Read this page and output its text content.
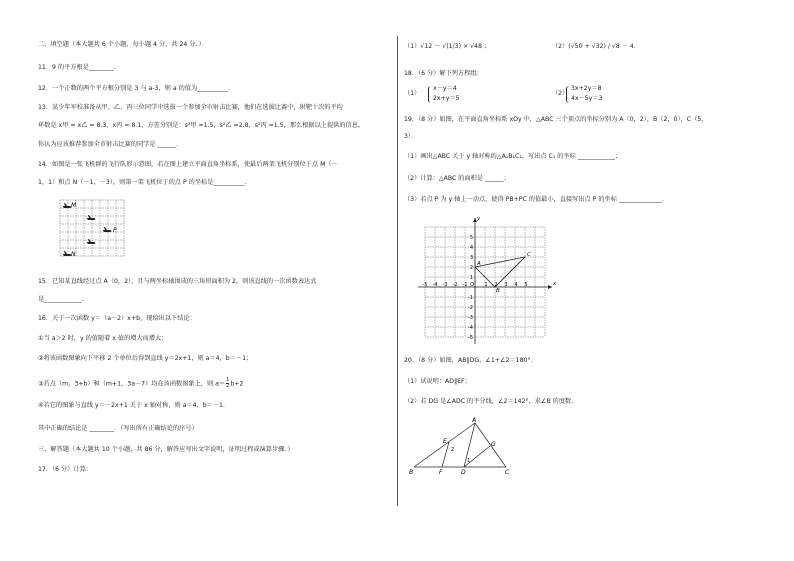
二、填空题（本大题共 6 个小题，每小题 4 分，共 24 分．）
11．9 的平方根是________．
12．一个正数的两个平方根分别是 3 与 a-3，则 a 的值为__________．
13．某少年军校准备从甲、乙、丙三位同学中选拔一个参加全市射击比赛，他们在选拔比赛中，射靶十次的平均
环数是 x甲 = x乙 = 8.3，x丙 = 8.1，方差分别是：s²甲 =1.5，s²乙 =2.8，s²丙 =1.5，那么根据以上提供的信息，
你认为应该推荐参加全市射击比赛的同学是 ______．
14．如图是一张飞机群的飞行队形示意图，若在图上建立平面直角坐标系，使最后两架飞机分别位于点 M（－
1，1）和点 N（－1，－3），则第一架飞机位于的点 P 的坐标是__________．
M
P
N
15．已知某直线经过点 A（0，2），且与两坐标轴围成的三角形面积为 2，则该直线的一次函数表达式
是____________．
16．关于一次函数 y＝（a－2）x+b，现给出以下结论：
①当 a＞2 时，y 的值随着 x 值的增大而增大；
②将该函数图象向下平移 2 个单位后得到直线 y＝2x+1，则 a＝4，b＝－1；
③若点（m，3+b）和（m+1，3a－7）均在该函数图象上，则 $a= \frac{1}{2} b+2$
④若它的图象与直线 y＝－2x+1 关于 x 轴对称，则 a＝4，b＝－1．
其中正确的结论是 ________．（写出所有正确结论的序号）
三、解答题（本大题共 10 个小题，共 86 分，解答应写出文字说明，证明过程或演算步骤．）
17．（6 分）计算：
（1）√12 － √(1/3) × √48 ；	（2）(√50 + √32) / √8 － 4．
18．（6 分）解下列方程组：
（1）
x－y＝4
2x+y＝5
（2）
3x+2y＝8
4x－5y＝3
19．（8 分）如图，在平面直角坐标系 xOy 中，△ABC 三个顶点的坐标分别为 A（0，2），B（2，0），C（5，
3）．
（1）画出△ABC 关于 y 轴对称的△A₁B₁C₁，写出点 C₁ 的坐标 ____________；
（2）计算：△ABC 的面积是 ______；
（3）若点 P 为 y 轴上一动点，使得 PB+PC 的值最小，直接写出点 P 的坐标 ______________．
x
y
O
-5 -4 -3 -2 -1	1 2 3 4 5
1
2
3
4
5
-1
-2
-3
-4
-5
A
B
C
20．（8 分）如图，AB∥DG，∠1+∠2＝180°．
（1）试说明：AD∥EF；
（2）若 DG 是∠ADC 的平分线，∠2＝142°，求∠B 的度数．
A
B	C
D
E
F
G
1
2
